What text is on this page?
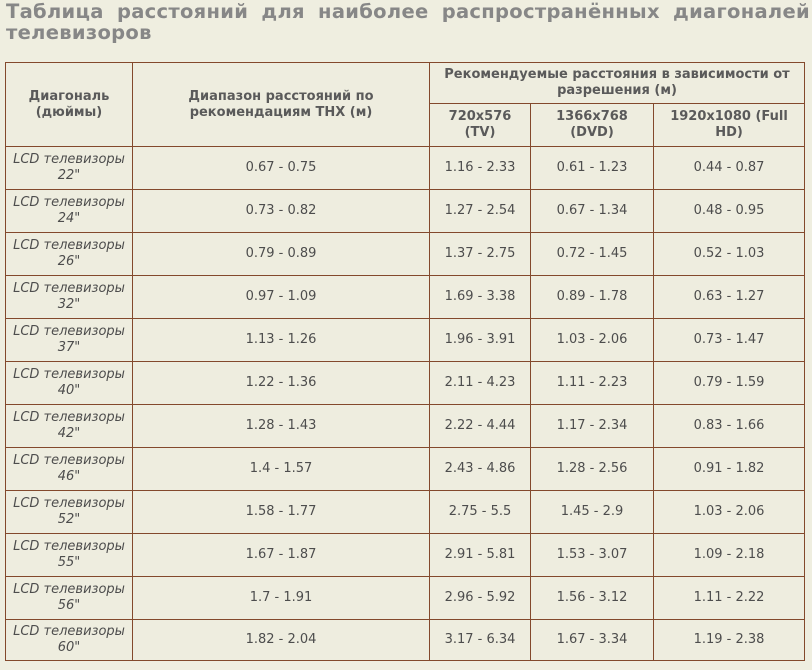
Таблица расстояний для наиболее распространённых диагоналей телевизоров
Диагональ (дюймы)	Диапазон расстояний по рекомендациям THX (м)	Рекомендуемые расстояния в зависимости от разрешения (м)		
		720x576 (TV)	1366x768 (DVD)	1920x1080 (Full HD)
LCD телевизоры 22"	0.67 - 0.75	1.16 - 2.33	0.61 - 1.23	0.44 - 0.87
LCD телевизоры 24"	0.73 - 0.82	1.27 - 2.54	0.67 - 1.34	0.48 - 0.95
LCD телевизоры 26"	0.79 - 0.89	1.37 - 2.75	0.72 - 1.45	0.52 - 1.03
LCD телевизоры 32"	0.97 - 1.09	1.69 - 3.38	0.89 - 1.78	0.63 - 1.27
LCD телевизоры 37"	1.13 - 1.26	1.96 - 3.91	1.03 - 2.06	0.73 - 1.47
LCD телевизоры 40"	1.22 - 1.36	2.11 - 4.23	1.11 - 2.23	0.79 - 1.59
LCD телевизоры 42"	1.28 - 1.43	2.22 - 4.44	1.17 - 2.34	0.83 - 1.66
LCD телевизоры 46"	1.4 - 1.57	2.43 - 4.86	1.28 - 2.56	0.91 - 1.82
LCD телевизоры 52"	1.58 - 1.77	2.75 - 5.5	1.45 - 2.9	1.03 - 2.06
LCD телевизоры 55"	1.67 - 1.87	2.91 - 5.81	1.53 - 3.07	1.09 - 2.18
LCD телевизоры 56"	1.7 - 1.91	2.96 - 5.92	1.56 - 3.12	1.11 - 2.22
LCD телевизоры 60"	1.82 - 2.04	3.17 - 6.34	1.67 - 3.34	1.19 - 2.38
